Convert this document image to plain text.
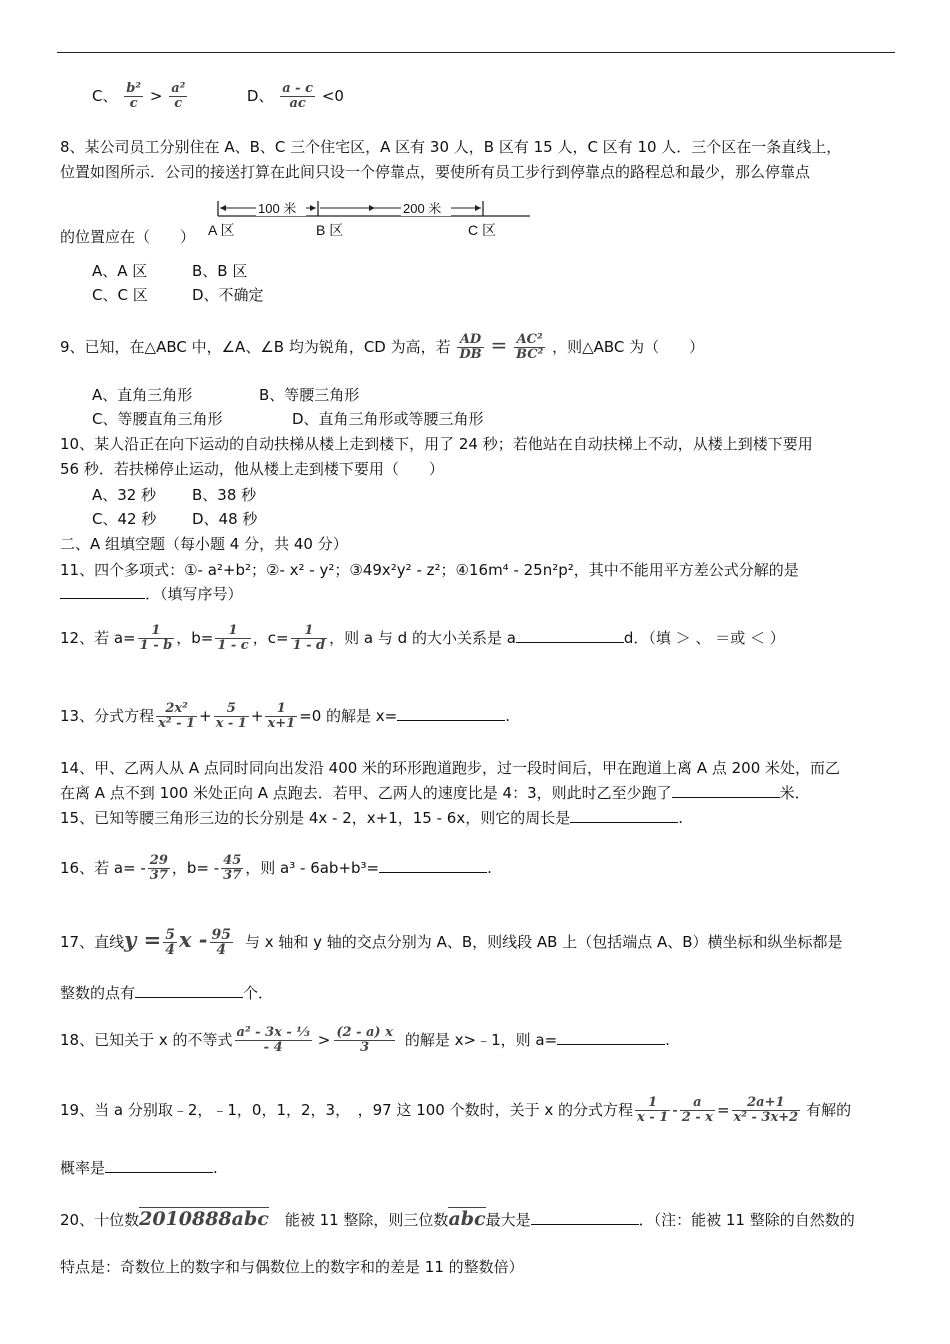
C、 $\frac{\text{b²}}{c} > \frac{\text{a²}}{c}$	D、 $\frac{a - c}{ac} <0$
8、某公司员工分别住在 A、B、C 三个住宅区，A 区有 30 人，B 区有 15 人，C 区有 10 人．三个区在一条直线上，
位置如图所示．公司的接送打算在此间只设一个停靠点，要使所有员工步行到停靠点的路程总和最少，那么停靠点
的位置应在（　　）
100 米	200 米
A 区	B 区	C 区
A、A 区	B、B 区
C、C 区	D、不确定
9、已知，在△ABC 中，∠A、∠B 均为锐角，CD 为高，若 $\frac{AD}{DB} = \frac{\text{AC²}}{\text{BC²}}$ ，则△ABC 为（　　）
A、直角三角形	B、等腰三角形
C、等腰直角三角形	D、直角三角形或等腰三角形
10、某人沿正在向下运动的自动扶梯从楼上走到楼下，用了 24 秒；若他站在自动扶梯上不动，从楼上到楼下要用
56 秒．若扶梯停止运动，他从楼上走到楼下要用（　　）
A、32 秒 B、38 秒
C、42 秒 D、48 秒
二、A 组填空题（每小题 4 分，共 40 分）
11、四个多项式：①- a²+b²；②- x² - y²；③49x²y² - z²；④16m⁴ - 25n²p²，其中不能用平方差公式分解的是
．（填写序号）
12、若 $a= \frac{1}{1 - b}$ ，$b= \frac{1}{1 - c}$ ，$c= \frac{1}{1 - d}$ ，则 a 与 d 的大小关系是 a	d．（填 ＞ 、 ＝或 ＜ ）
13、分式方程 $\frac{\text{2x²}}{\text{x² - 1}} + \frac{5}{x - 1} + \frac{1}{x+1} =0$ 的解是 x=	.
14、甲、乙两人从 A 点同时同向出发沿 400 米的环形跑道跑步，过一段时间后，甲在跑道上离 A 点 200 米处，而乙
在离 A 点不到 100 米处正向 A 点跑去．若甲、乙两人的速度比是 4：3，则此时乙至少跑了	米．
15、已知等腰三角形三边的长分别是 4x - 2，x+1，15 - 6x，则它的周长是	.
16、若 $a= - \frac{29}{37}$ ，$b= - \frac{45}{37}$ ，则 a³ - 6ab+b³=	.
17、直线$y = \frac{5}{4}$ x - $\frac{95}{4}$ 与 x 轴和 y 轴的交点分别为 A、B，则线段 AB 上（包括端点 A、B）横坐标和纵坐标都是
整数的点有	个．
18、已知关于 x 的不等式 $\frac{\text{a² - 3x - ⅓}}{- 4} > \frac{(2 - a) x}{3}$ 的解是 x>﹣1，则 a=	.
19、当 a 分别取﹣2，﹣1，0，1，2，3，　，97 这 100 个数时，关于 x 的分式方程 $\frac{1}{x - 1} - \frac{a}{2 - x} = \frac{2a+1}{\text{x² - 3x+2}}$ 有解的
概率是	.
20、十位数2010888abc 能被 11 整除，则三位数abc最大是	．（注：能被 11 整除的自然数的
特点是：奇数位上的数字和与偶数位上的数字和的差是 11 的整数倍）
